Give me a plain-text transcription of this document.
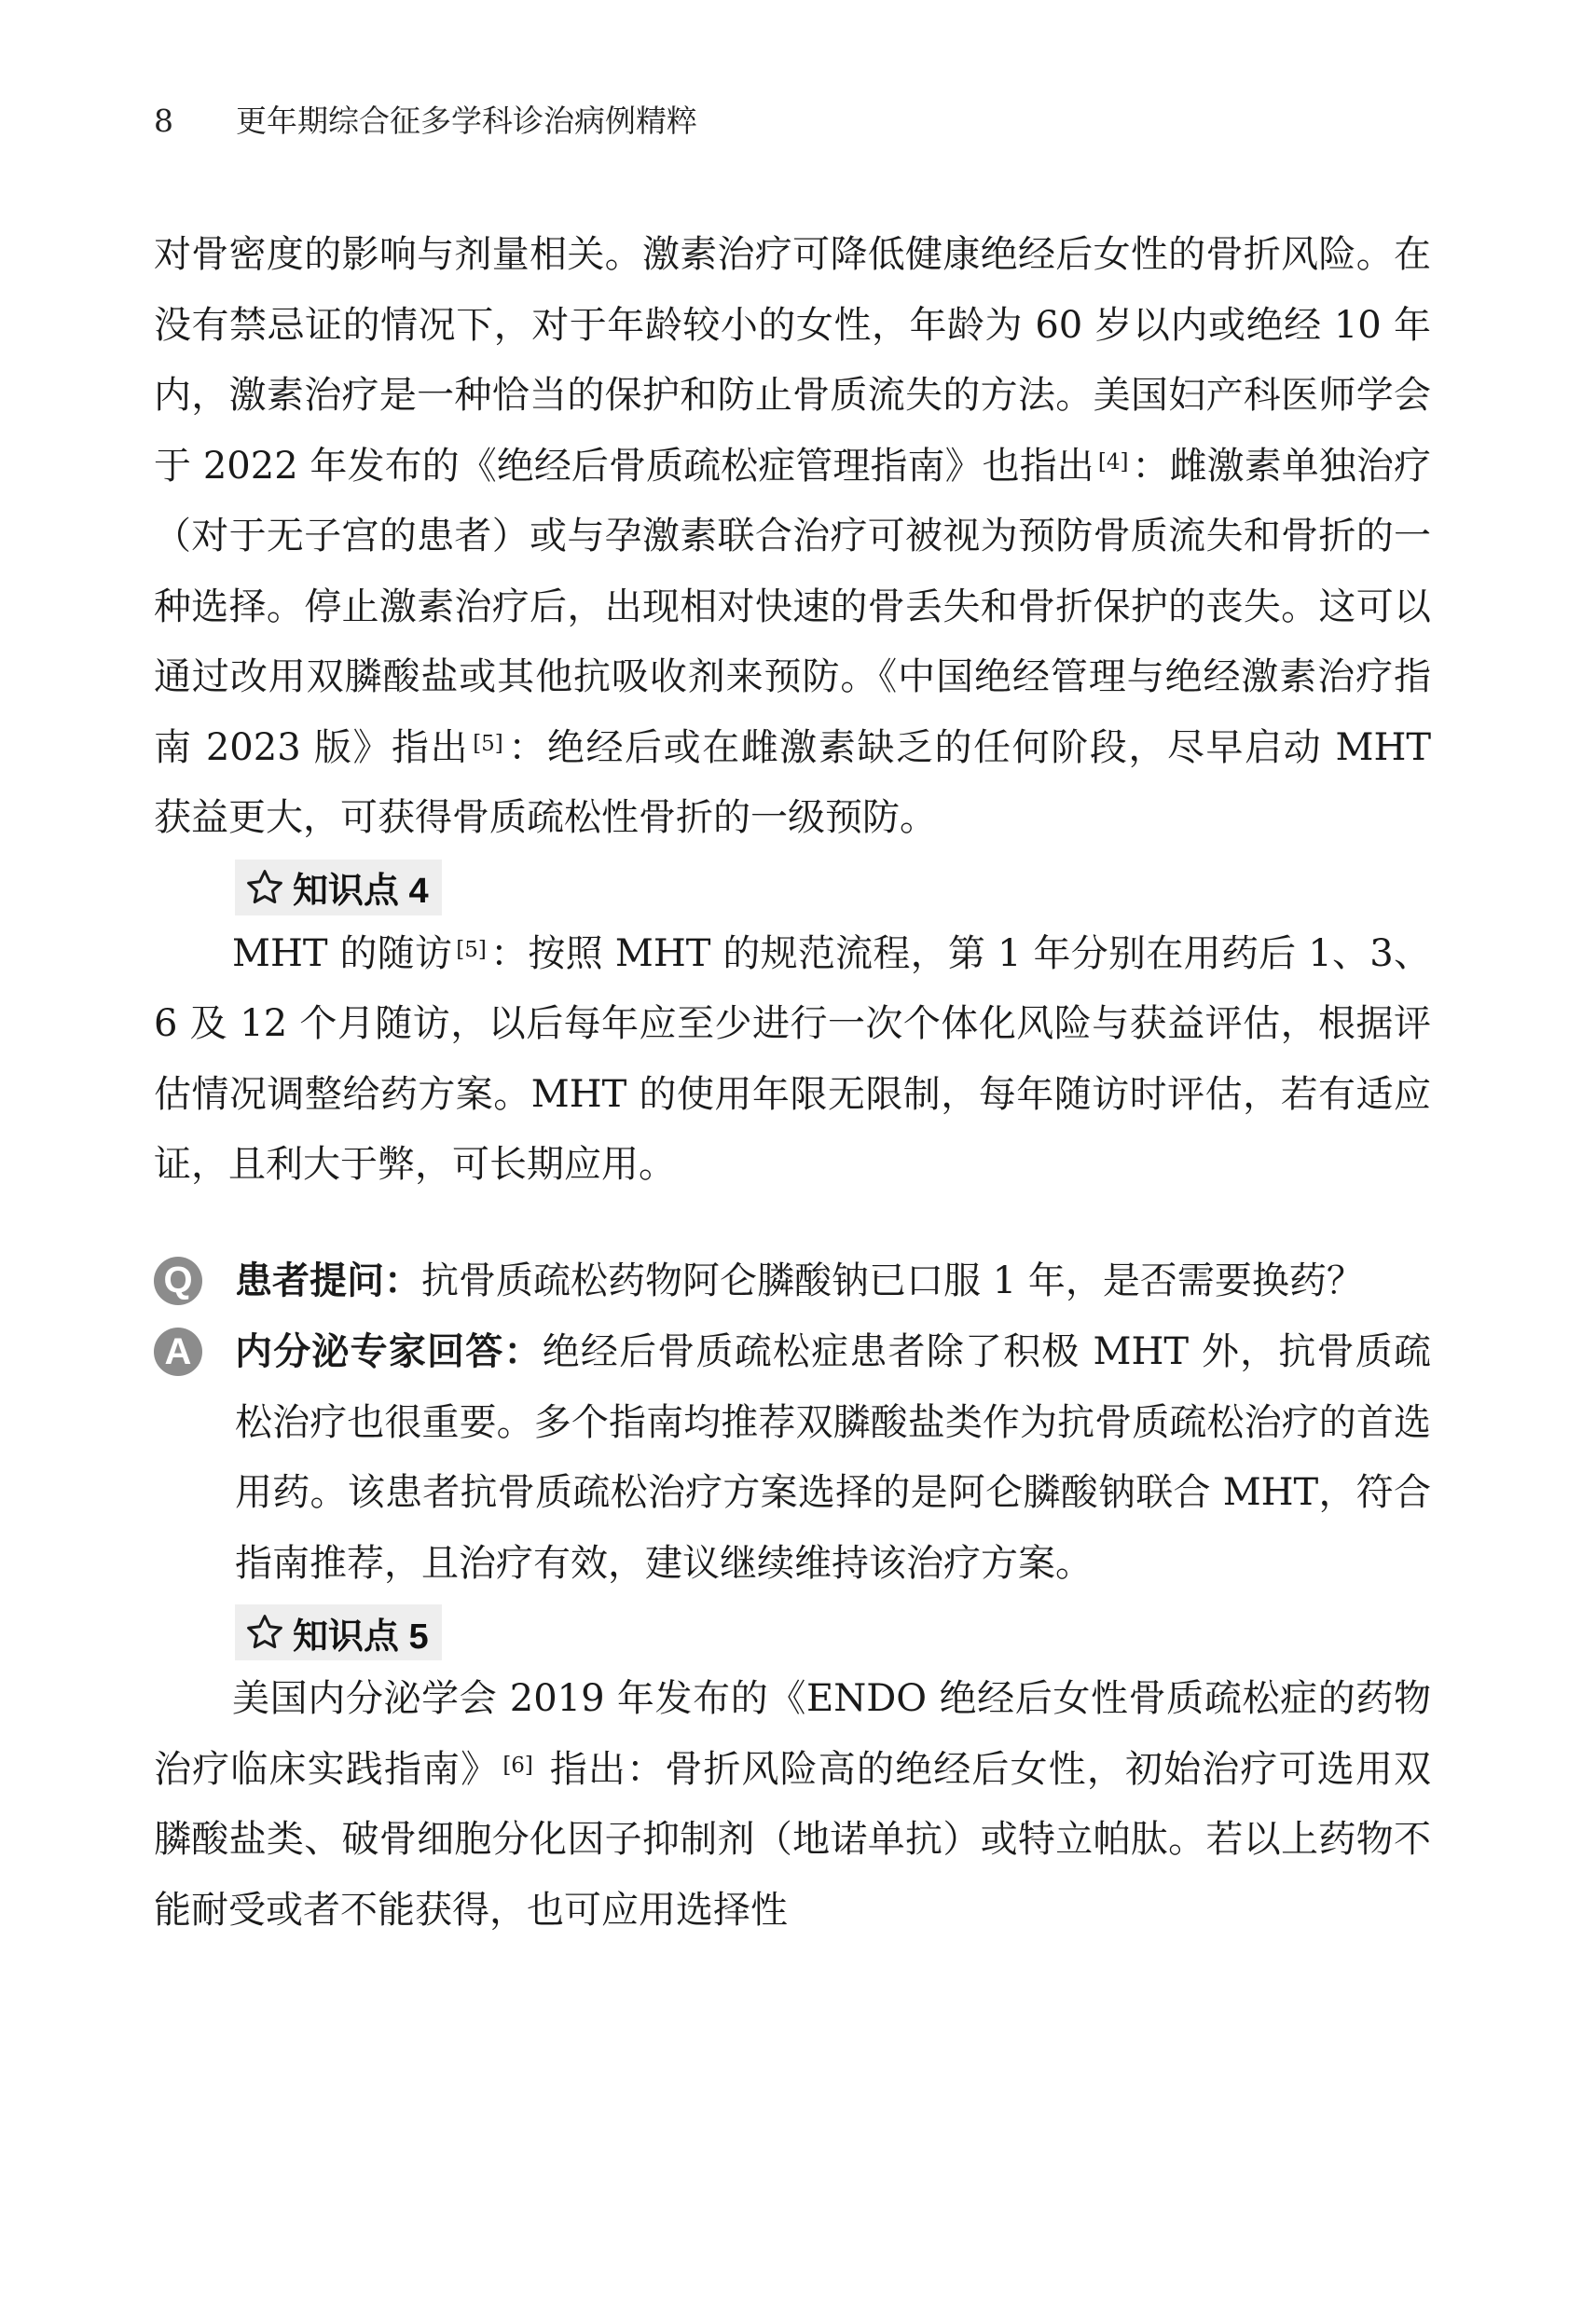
8 更年期综合征多学科诊治病例精粹

对骨密度的影响与剂量相关。激素治疗可降低健康绝经后女性的骨折风险。在没有禁忌证的情况下，对于年龄较小的女性，年龄为 60 岁以内或绝经 10 年内，激素治疗是一种恰当的保护和防止骨质流失的方法。美国妇产科医师学会于 2022 年发布的《绝经后骨质疏松症管理指南》也指出 [4] ：雌激素单独治疗（对于无子宫的患者）或与孕激素联合治疗可被视为预防骨质流失和骨折的一种选择。停止激素治疗后，出现相对快速的骨丢失和骨折保护的丧失。这可以通过改用双膦酸盐或其他抗吸收剂来预防。《中国绝经管理与绝经激素治疗指南 2023 版》指出 [5] ：绝经后或在雌激素缺乏的任何阶段，尽早启动 MHT 获益更大，可获得骨质疏松性骨折的一级预防。

知识点 4

MHT 的随访 [5] ：按照 MHT 的规范流程，第 1 年分别在用药后 1、3、6 及 12 个月随访，以后每年应至少进行一次个体化风险与获益评估，根据评估情况调整给药方案。MHT 的使用年限无限制，每年随访时评估，若有适应证，且利大于弊，可长期应用。

Q 患者提问：抗骨质疏松药物阿仑膦酸钠已口服 1 年，是否需要换药？
A 内分泌专家回答：绝经后骨质疏松症患者除了积极 MHT 外，抗骨质疏松治疗也很重要。多个指南均推荐双膦酸盐类作为抗骨质疏松治疗的首选用药。该患者抗骨质疏松治疗方案选择的是阿仑膦酸钠联合 MHT，符合指南推荐，且治疗有效，建议继续维持该治疗方案。
知识点 5

美国内分泌学会 2019 年发布的《ENDO 绝经后女性骨质疏松症的药物治疗临床实践指南》 [6] 指出：骨折风险高的绝经后女性，初始治疗可选用双膦酸盐类、破骨细胞分化因子抑制剂（地诺单抗）或特立帕肽。若以上药物不能耐受或者不能获得，也可应用选择性
